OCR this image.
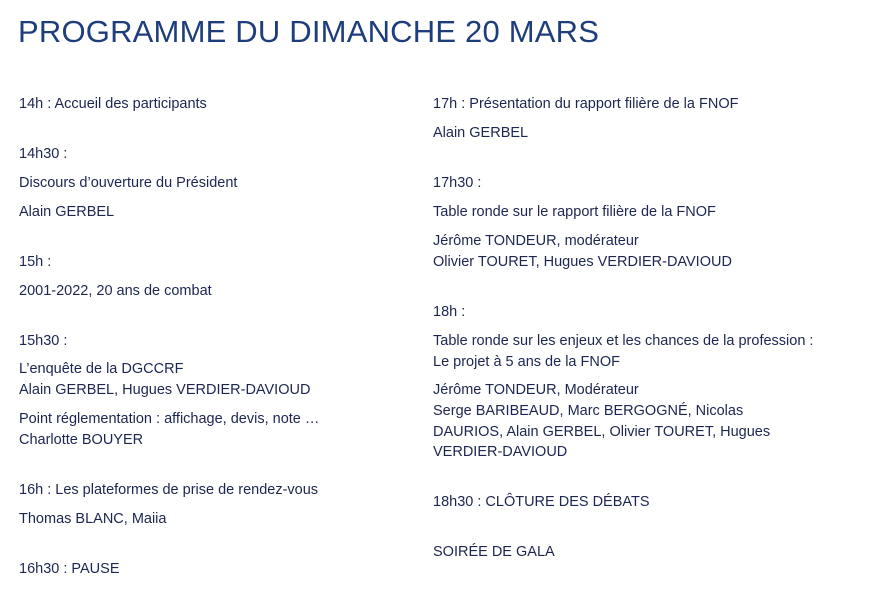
PROGRAMME DU DIMANCHE 20 MARS
14h : Accueil des participants
14h30 :
Discours d’ouverture du Président
Alain GERBEL
15h :
2001-2022, 20 ans de combat
15h30 :
L’enquête de la DGCCRF
Alain GERBEL, Hugues VERDIER-DAVIOUD
Point réglementation : affichage, devis, note …
Charlotte BOUYER
16h : Les plateformes de prise de rendez-vous
Thomas BLANC, Maiia
16h30 : PAUSE
17h : Présentation du rapport filière de la FNOF
Alain GERBEL
17h30 :
Table ronde sur le rapport filière de la FNOF
Jérôme TONDEUR, modérateur
Olivier TOURET, Hugues VERDIER-DAVIOUD
18h :
Table ronde sur les enjeux et les chances de la profession :
Le projet à 5 ans de la FNOF
Jérôme TONDEUR, Modérateur
Serge BARIBEAUD, Marc BERGOGNÉ, Nicolas
DAURIOS, Alain GERBEL, Olivier TOURET, Hugues
VERDIER-DAVIOUD
18h30 : CLÔTURE DES DÉBATS
SOIRÉE DE GALA
